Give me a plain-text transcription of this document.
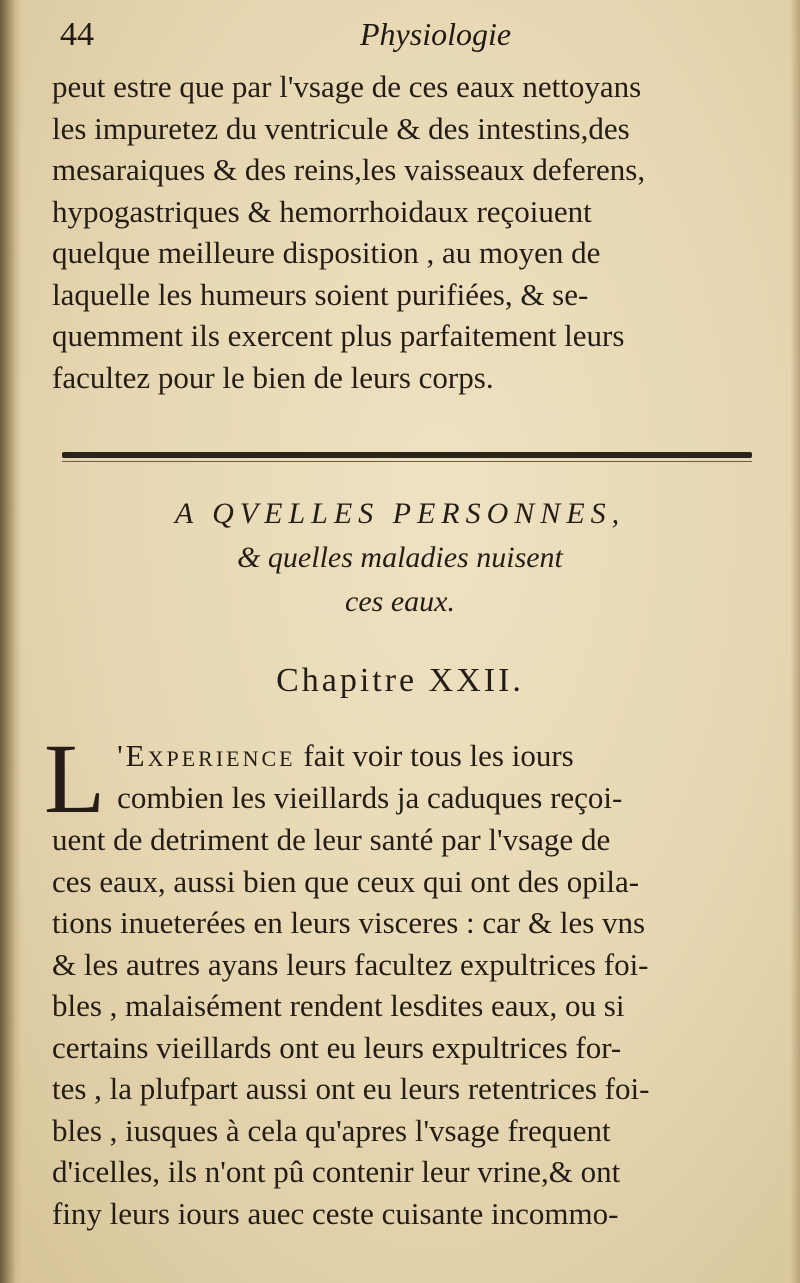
44	Physiologie
peut estre que par l'vsage de ces eaux nettoyans
les impuretez du ventricule & des intestins,des
mesaraiques & des reins,les vaisseaux deferens,
hypogastriques & hemorrhoidaux reçoiuent
quelque meilleure disposition , au moyen de
laquelle les humeurs soient purifiées, & se-
quemment ils exercent plus parfaitement leurs
facultez pour le bien de leurs corps.
A QVELLES PERSONNES,
& quelles maladies nuisent
ces eaux.
Chapitre XXII.
L 'Experience fait voir tous les iours
combien les vieillards ja caduques reçoi-
uent de detriment de leur santé par l'vsage de
ces eaux, aussi bien que ceux qui ont des opila-
tions inueterées en leurs visceres : car & les vns
& les autres ayans leurs facultez expultrices foi-
bles , malaisément rendent lesdites eaux, ou si
certains vieillards ont eu leurs expultrices for-
tes , la plufpart aussi ont eu leurs retentrices foi-
bles , iusques à cela qu'apres l'vsage frequent
d'icelles, ils n'ont pû contenir leur vrine,& ont
finy leurs iours auec ceste cuisante incommo-
